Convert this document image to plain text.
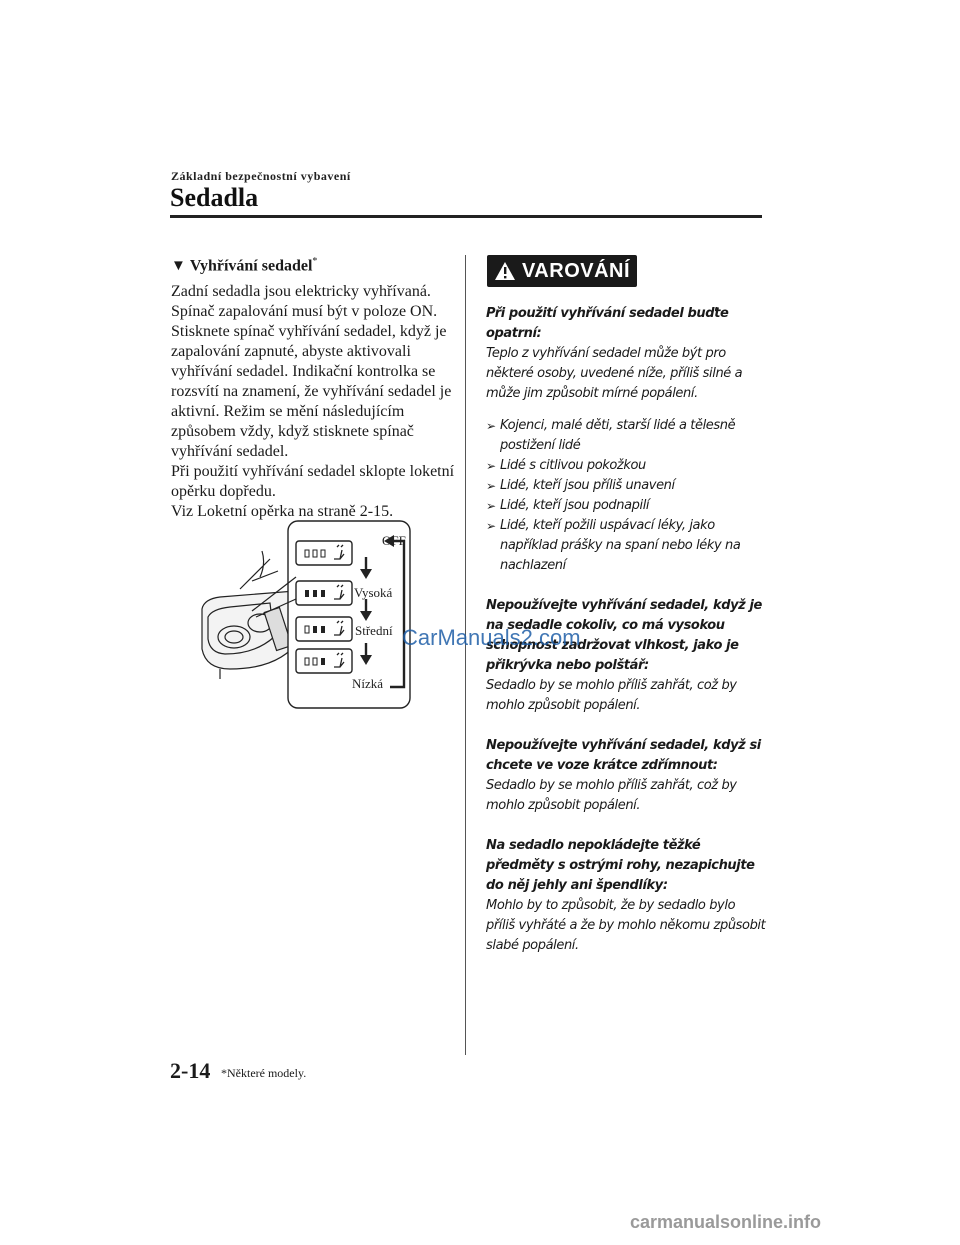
Základní bezpečnostní vybavení
Sedadla
▼ Vyhřívání sedadel*

Zadní sedadla jsou elektricky vyhřívaná. Spínač zapalování musí být v poloze ON. Stisknete spínač vyhřívání sedadel, když je zapalování zapnuté, abyste aktivovali vyhřívání sedadel. Indikační kontrolka se rozsvítí na znamení, že vyhřívání sedadel je aktivní. Režim se mění následujícím způsobem vždy, když stisknete spínač vyhřívání sedadel.

Při použití vyhřívání sedadel sklopte loketní opěrku dopředu.

Viz Loketní opěrka na straně 2-15.

OFF
Vysoká
Střední
Nízká
VAROVÁNÍ

Při použití vyhřívání sedadel buďte opatrní:

Teplo z vyhřívání sedadel může být pro některé osoby, uvedené níže, příliš silné a může jim způsobit mírné popálení.

➢ Kojenci, malé děti, starší lidé a tělesně postižení lidé
➢ Lidé s citlivou pokožkou
➢ Lidé, kteří jsou příliš unavení
➢ Lidé, kteří jsou podnapilí
➢ Lidé, kteří požili uspávací léky, jako například prášky na spaní nebo léky na nachlazení

Nepoužívejte vyhřívání sedadel, když je na sedadle cokoliv, co má vysokou schopnost zadržovat vlhkost, jako je přikrývka nebo polštář:

Sedadlo by se mohlo příliš zahřát, což by mohlo způsobit popálení.

Nepoužívejte vyhřívání sedadel, když si chcete ve voze krátce zdřímnout:

Sedadlo by se mohlo příliš zahřát, což by mohlo způsobit popálení.

Na sedadlo nepokládejte těžké předměty s ostrými rohy, nezapichujte do něj jehly ani špendlíky:

Mohlo by to způsobit, že by sedadlo bylo příliš vyhřáté a že by mohlo někomu způsobit slabé popálení.

CarManuals2.com
2-14 *Některé modely.
carmanualsonline.info
